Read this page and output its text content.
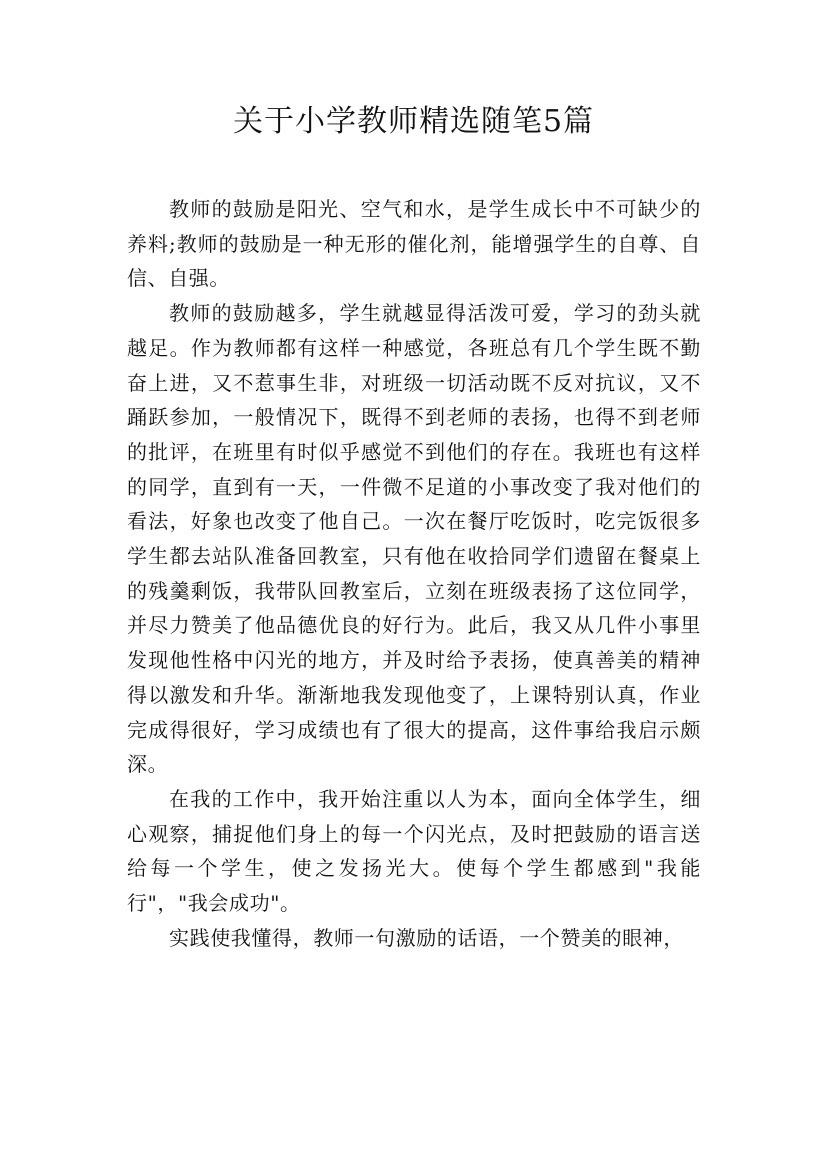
关于小学教师精选随笔5篇

教师的鼓励是阳光、空气和水，是学生成长中不可缺少的养料;教师的鼓励是一种无形的催化剂，能增强学生的自尊、自信、自强。

教师的鼓励越多，学生就越显得活泼可爱，学习的劲头就越足。作为教师都有这样一种感觉，各班总有几个学生既不勤奋上进，又不惹事生非，对班级一切活动既不反对抗议，又不踊跃参加，一般情况下，既得不到老师的表扬，也得不到老师的批评，在班里有时似乎感觉不到他们的存在。我班也有这样的同学，直到有一天，一件微不足道的小事改变了我对他们的看法，好象也改变了他自己。一次在餐厅吃饭时，吃完饭很多学生都去站队准备回教室，只有他在收拾同学们遗留在餐桌上的残羹剩饭，我带队回教室后，立刻在班级表扬了这位同学，并尽力赞美了他品德优良的好行为。此后，我又从几件小事里发现他性格中闪光的地方，并及时给予表扬，使真善美的精神得以激发和升华。渐渐地我发现他变了，上课特别认真，作业完成得很好，学习成绩也有了很大的提高，这件事给我启示颇深。

在我的工作中，我开始注重以人为本，面向全体学生，细心观察，捕捉他们身上的每一个闪光点，及时把鼓励的语言送给每一个学生，使之发扬光大。使每个学生都感到"我能行"，"我会成功"。

实践使我懂得，教师一句激励的话语，一个赞美的眼神，
